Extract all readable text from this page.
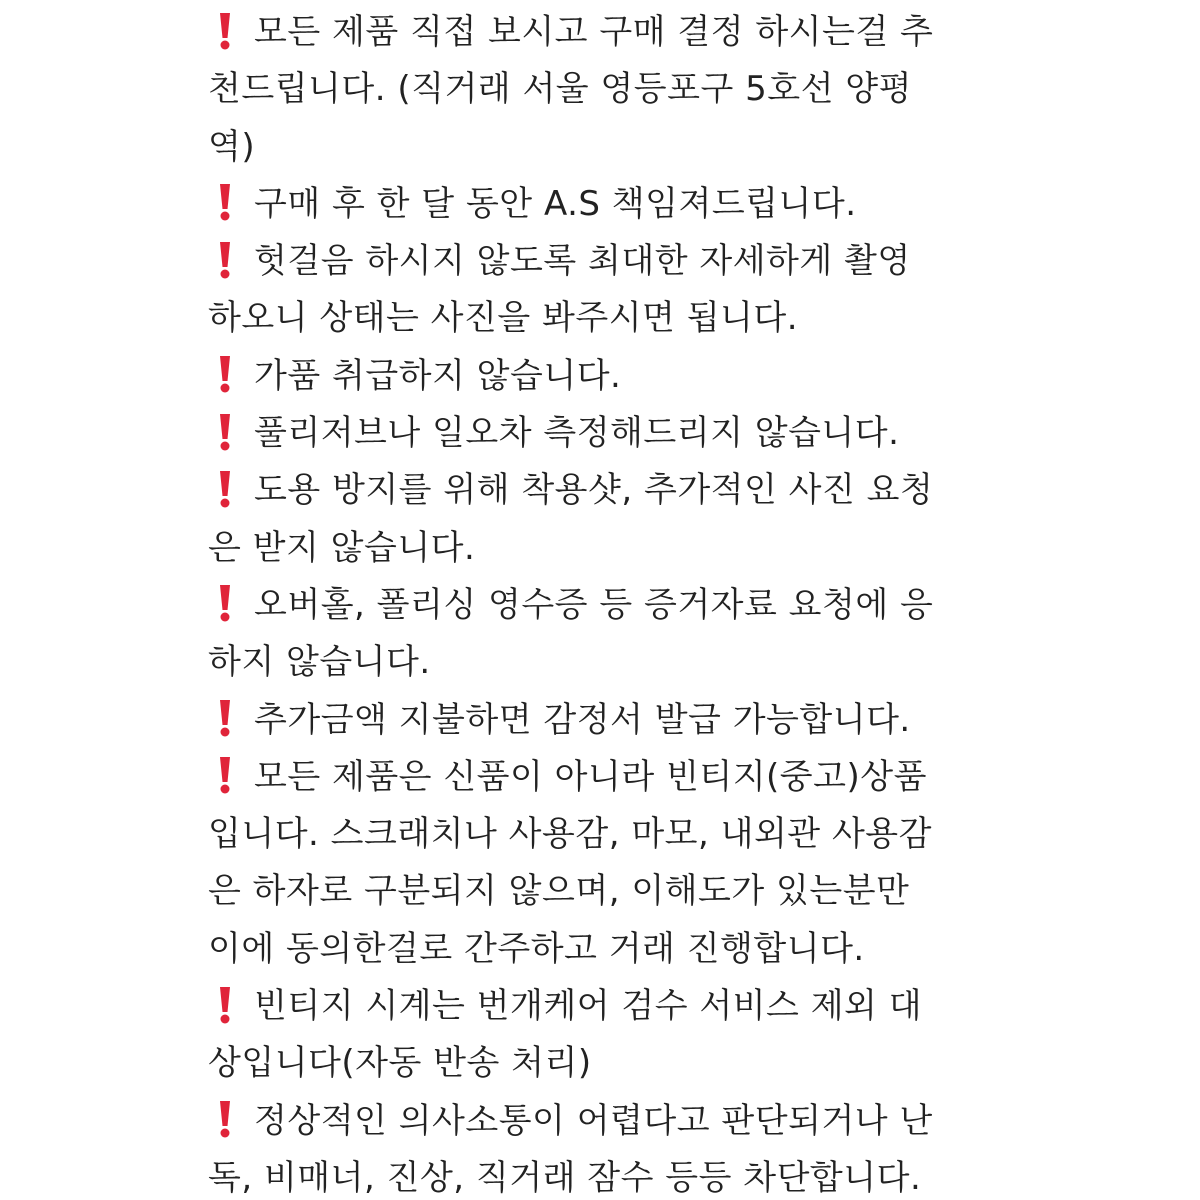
모든 제품 직접 보시고 구매 결정 하시는걸 추
천드립니다. (직거래 서울 영등포구 5호선 양평
역)
구매 후 한 달 동안 A.S 책임져드립니다.
헛걸음 하시지 않도록 최대한 자세하게 촬영
하오니 상태는 사진을 봐주시면 됩니다.
가품 취급하지 않습니다.
풀리저브나 일오차 측정해드리지 않습니다.
도용 방지를 위해 착용샷, 추가적인 사진 요청
은 받지 않습니다.
오버홀, 폴리싱 영수증 등 증거자료 요청에 응
하지 않습니다.
추가금액 지불하면 감정서 발급 가능합니다.
모든 제품은 신품이 아니라 빈티지(중고)상품
입니다. 스크래치나 사용감, 마모, 내외관 사용감
은 하자로 구분되지 않으며, 이해도가 있는분만
이에 동의한걸로 간주하고 거래 진행합니다.
빈티지 시계는 번개케어 검수 서비스 제외 대
상입니다(자동 반송 처리)
정상적인 의사소통이 어렵다고 판단되거나 난
독, 비매너, 진상, 직거래 잠수 등등 차단합니다.
